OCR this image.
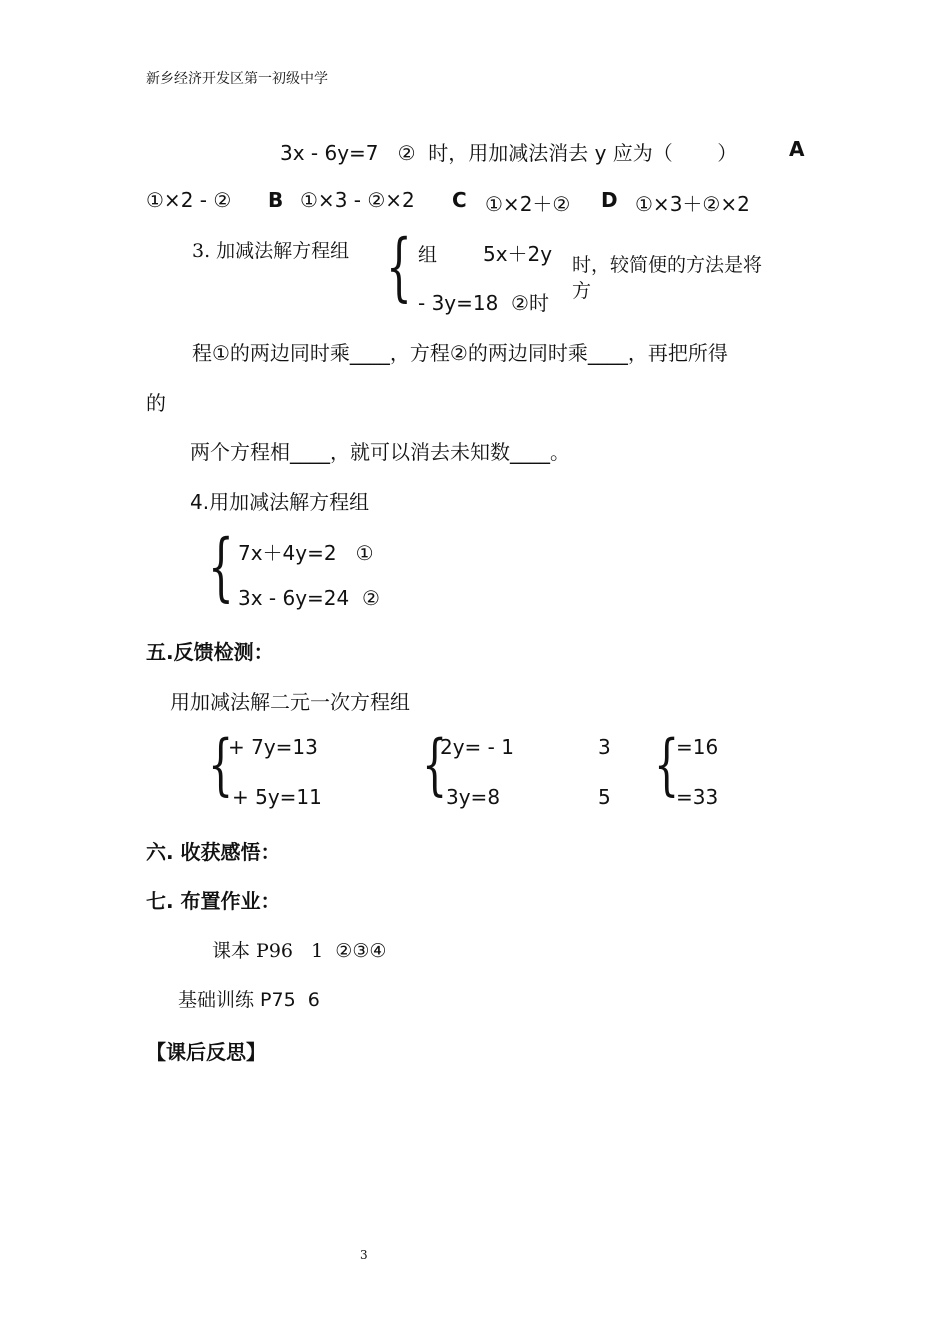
新乡经济开发区第一初级中学
3x - 6y=7   ②  时，用加减法消去 y 应为（       ）	A
①×2 - ② B ①×3 - ②×2 C ①×2＋② D ①×3＋②×2
3. 加减法解方程组 { 组 5x＋2y
- 3y=18  ②时
时，较简便的方法是将
方
程①的两边同时乘____，方程②的两边同时乘____，再把所得
的
两个方程相____，就可以消去未知数____。
4.用加减法解方程组
{ 7x＋4y=2   ①
3x - 6y=24  ②
五.反馈检测：
用加减法解二元一次方程组
{
+ 7y=13
+ 5y=11 {
2y= - 1
3y=8
3
5 {
=16
=33
六. 收获感悟：
七. 布置作业：
课本 P96   1  ②③④
基础训练 P75  6
【课后反思】
3
